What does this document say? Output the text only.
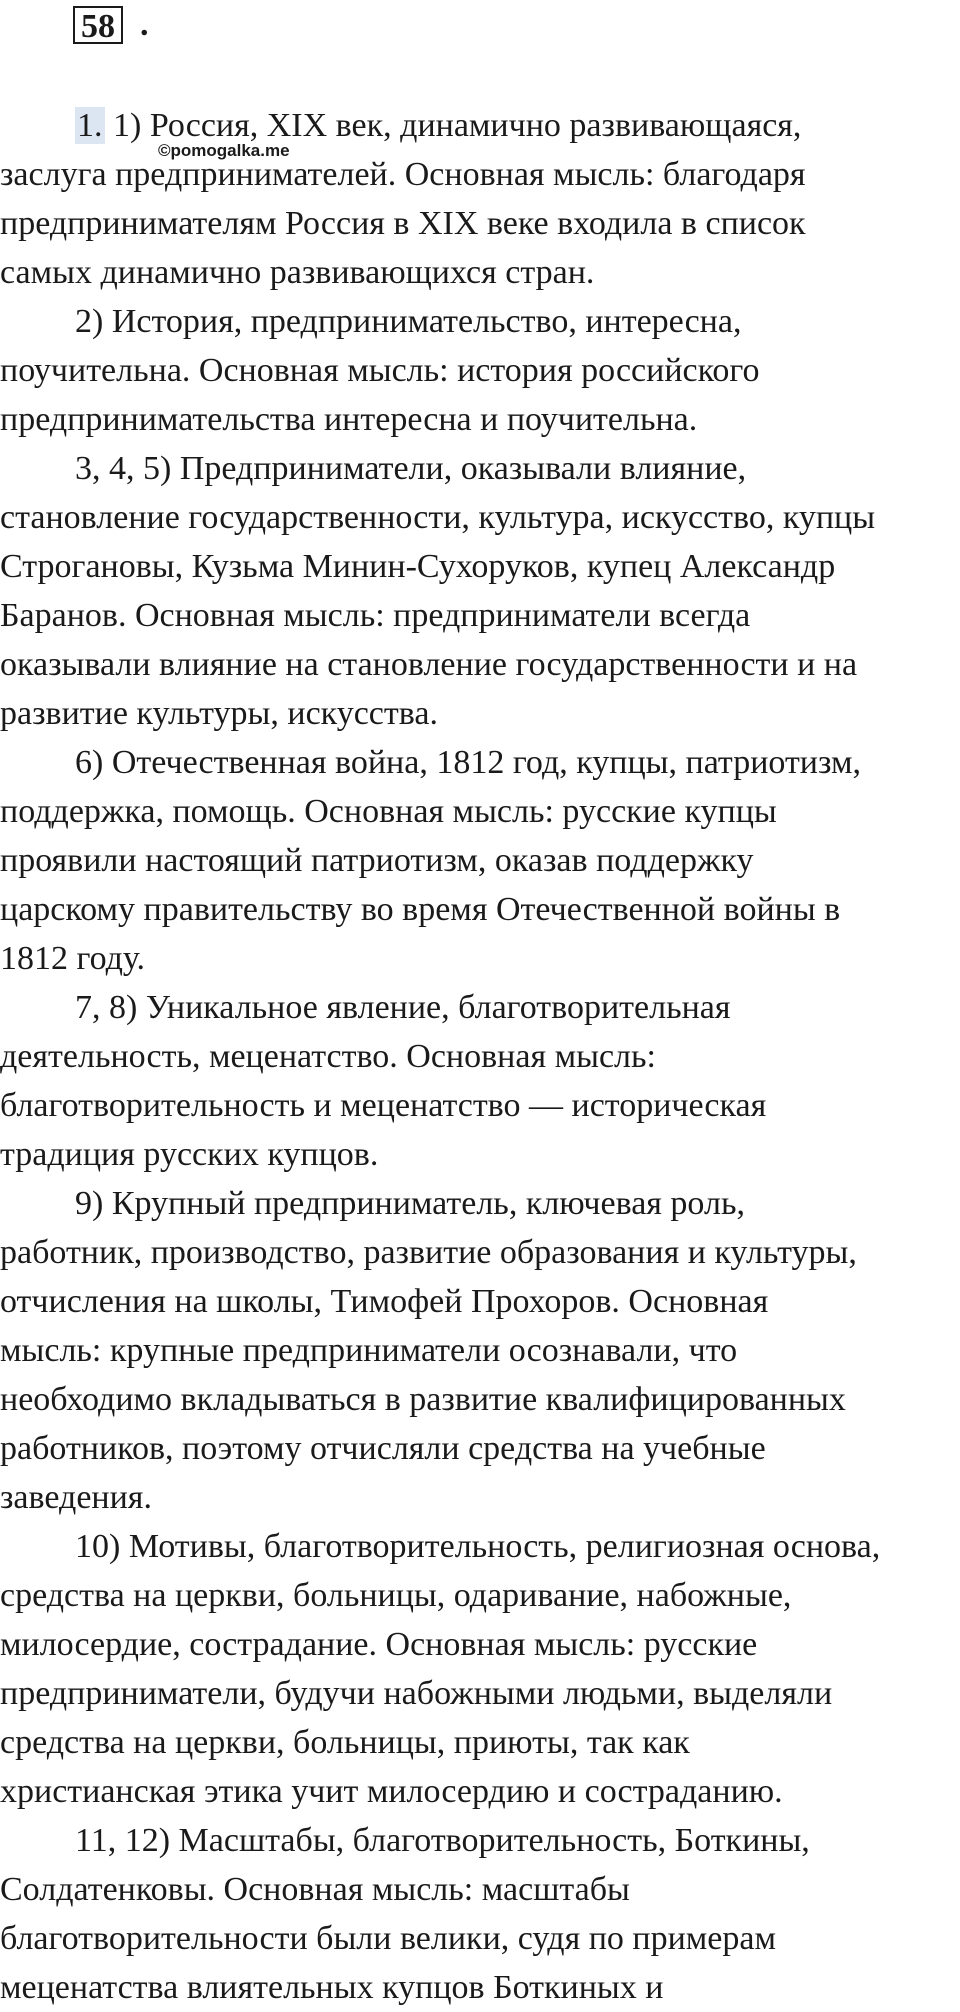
58 .
©pomogalka.me
1. 1) Россия, XIX век, динамично развивающаяся,
заслуга предпринимателей. Основная мысль: благодаря
предпринимателям Россия в XIX веке входила в список
самых динамично развивающихся стран.
2) История, предпринимательство, интересна,
поучительна. Основная мысль: история российского
предпринимательства интересна и поучительна.
3, 4, 5) Предприниматели, оказывали влияние,
становление государственности, культура, искусство, купцы
Строгановы, Кузьма Минин-Сухоруков, купец Александр
Баранов. Основная мысль: предприниматели всегда
оказывали влияние на становление государственности и на
развитие культуры, искусства.
6) Отечественная война, 1812 год, купцы, патриотизм,
поддержка, помощь. Основная мысль: русские купцы
проявили настоящий патриотизм, оказав поддержку
царскому правительству во время Отечественной войны в
1812 году.
7, 8) Уникальное явление, благотворительная
деятельность, меценатство. Основная мысль:
благотворительность и меценатство — историческая
традиция русских купцов.
9) Крупный предприниматель, ключевая роль,
работник, производство, развитие образования и культуры,
отчисления на школы, Тимофей Прохоров. Основная
мысль: крупные предприниматели осознавали, что
необходимо вкладываться в развитие квалифицированных
работников, поэтому отчисляли средства на учебные
заведения.
10) Мотивы, благотворительность, религиозная основа,
средства на церкви, больницы, одаривание, набожные,
милосердие, сострадание. Основная мысль: русские
предприниматели, будучи набожными людьми, выделяли
средства на церкви, больницы, приюты, так как
христианская этика учит милосердию и состраданию.
11, 12) Масштабы, благотворительность, Боткины,
Солдатенковы. Основная мысль: масштабы
благотворительности были велики, судя по примерам
меценатства влиятельных купцов Боткиных и
